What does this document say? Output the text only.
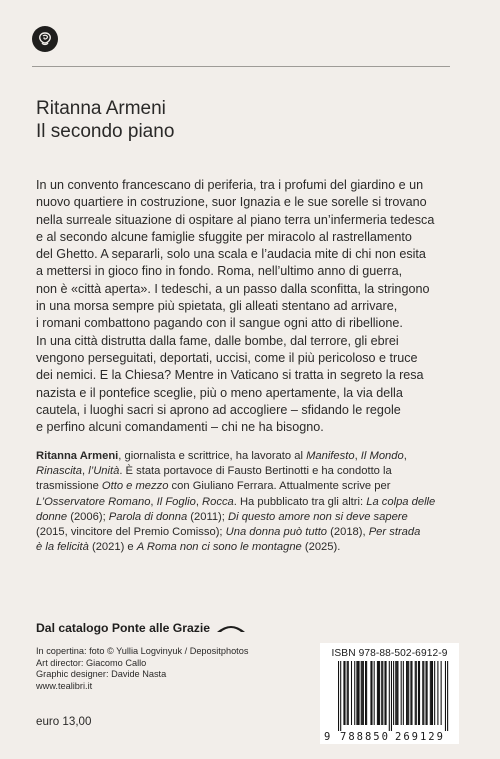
Ritanna Armeni
Il secondo piano
In un convento francescano di periferia, tra i profumi del giardino e un
nuovo quartiere in costruzione, suor Ignazia e le sue sorelle si trovano
nella surreale situazione di ospitare al piano terra un’infermeria tedesca
e al secondo alcune famiglie sfuggite per miracolo al rastrellamento
del Ghetto. A separarli, solo una scala e l’audacia mite di chi non esita
a mettersi in gioco fino in fondo. Roma, nell’ultimo anno di guerra,
non è «città aperta». I tedeschi, a un passo dalla sconfitta, la stringono
in una morsa sempre più spietata, gli alleati stentano ad arrivare,
i romani combattono pagando con il sangue ogni atto di ribellione.
In una città distrutta dalla fame, dalle bombe, dal terrore, gli ebrei
vengono perseguitati, deportati, uccisi, come il più pericoloso e truce
dei nemici. E la Chiesa? Mentre in Vaticano si tratta in segreto la resa
nazista e il pontefice sceglie, più o meno apertamente, la via della
cautela, i luoghi sacri si aprono ad accogliere – sfidando le regole
e perfino alcuni comandamenti – chi ne ha bisogno.
Ritanna Armeni, giornalista e scrittrice, ha lavorato al Manifesto, Il Mondo,
Rinascita, l’Unità. È stata portavoce di Fausto Bertinotti e ha condotto la
trasmissione Otto e mezzo con Giuliano Ferrara. Attualmente scrive per
L’Osservatore Romano, Il Foglio, Rocca. Ha pubblicato tra gli altri: La colpa delle
donne (2006); Parola di donna (2011); Di questo amore non si deve sapere
(2015, vincitore del Premio Comisso); Una donna può tutto (2018), Per strada
è la felicità (2021) e A Roma non ci sono le montagne (2025).
Dal catalogo Ponte alle Grazie
In copertina: foto © Yullia Logvinyuk / Depositphotos
Art director: Giacomo Callo
Graphic designer: Davide Nasta
www.tealibri.it
euro 13,00
ISBN 978-88-502-6912-9
9 788850 269129
